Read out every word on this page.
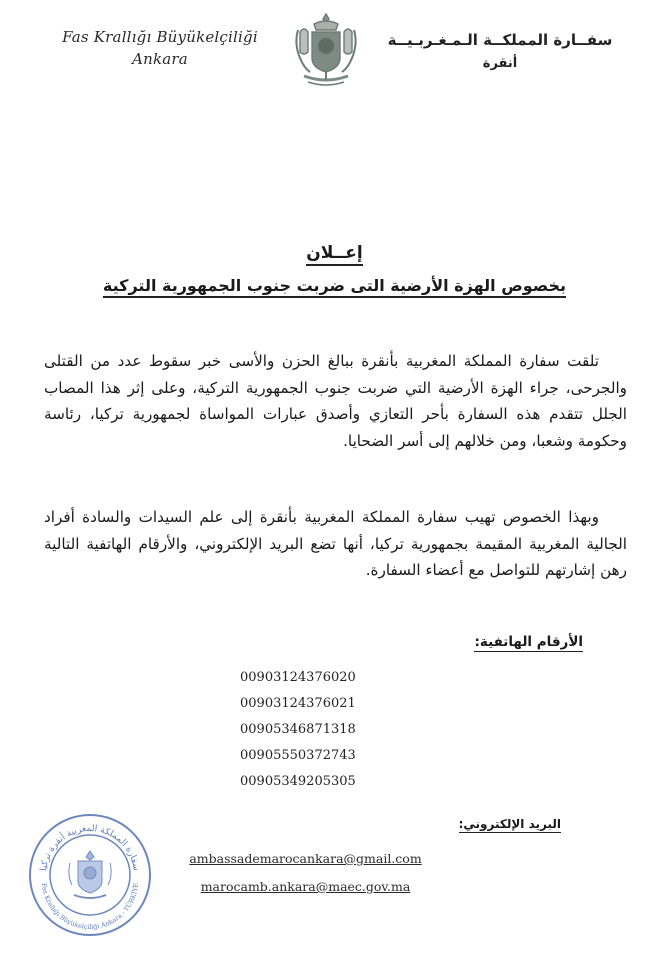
Fas Krallığı Büyükelçiliği
Ankara
سفــارة المملكــة الـمـغـربـيــة
أنقرة
إعــلان
بخصوص الهزة الأرضية التى ضربت جنوب الجمهورية التركية
تلقت سفارة المملكة المغربية بأنقرة ببالغ الحزن والأسى خبر سقوط عدد من القتلى والجرحى، جراء الهزة الأرضية التي ضربت جنوب الجمهورية التركية، وعلى إثر هذا المصاب الجلل تتقدم هذه السفارة بأحر التعازي وأصدق عبارات المواساة لجمهورية تركيا، رئاسة وحكومة وشعبا، ومن خلالهم إلى أسر الضحايا.
وبهذا الخصوص تهيب سفارة المملكة المغربية بأنقرة إلى علم السيدات والسادة أفراد الجالية المغربية المقيمة بجمهورية تركيا، أنها تضع البريد الإلكتروني، والأرقام الهاتفية التالية رهن إشارتهم للتواصل مع أعضاء السفارة.
الأرقام الهاتفية:
00903124376020
00903124376021
00905346871318
00905550372743
00905349205305
البريد الإلكتروني:
ambassademarocankara@gmail.com
marocamb.ankara@maec.gov.ma
سفارة المملكة المغربية أنقرة تركيا
Fas Krallığı Büyükelçiliği Ankara - TÜRKİYE
